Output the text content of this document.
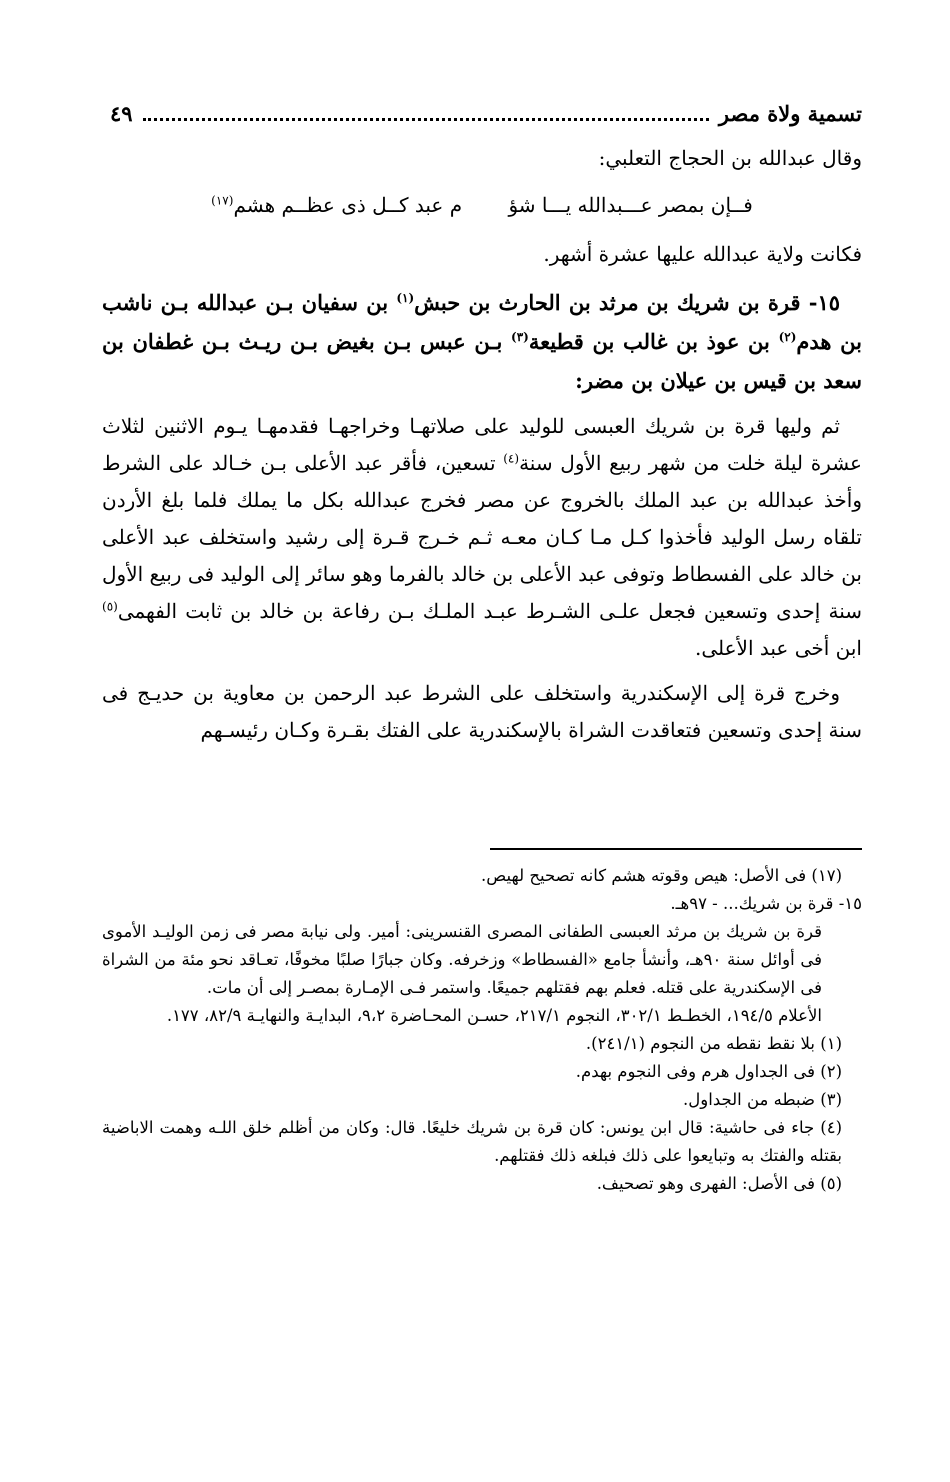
تسمية ولاة مصر
٤٩

وقال عبدالله بن الحجاج التعلبي:

فــإن بمصر عـــبدالله يـــا شؤ م عبد كــل ذى عظــم هشم$^{(١٧)}$

فكانت ولاية عبدالله عليها عشرة أشهر.

١٥- قرة بن شريك بن مرثد بن الحارث بن حبش$^{(١)}$ بن سفيان بـن عبدالله بـن ناشب بن هدم$^{(٢)}$ بن عوذ بن غالب بن قطيعة$^{(٣)}$ بـن عبس بـن بغيض بـن ريـث بـن غطفان بن سعد بن قيس بن عيلان بن مضر:

ثم وليها قرة بن شريك العبسى للوليد على صلاتهـا وخراجهـا فقدمهـا يـوم الاثنين لثلاث عشرة ليلة خلت من شهر ربيع الأول سنة$^{(٤)}$ تسعين، فأقر عبد الأعلى بـن خـالد على الشرط وأخذ عبدالله بن عبد الملك بالخروج عن مصر فخرج عبدالله بكل ما يملك فلما بلغ الأردن تلقاه رسل الوليد فأخذوا كـل مـا كـان معـه ثـم خـرج قـرة إلى رشيد واستخلف عبد الأعلى بن خالد على الفسطاط وتوفى عبد الأعلى بن خالد بالفرما وهو سائر إلى الوليد فى ربيع الأول سنة إحدى وتسعين فجعل علـى الشـرط عبـد الملـك بـن رفاعة بن خالد بن ثابت الفهمى$^{(٥)}$ ابن أخى عبد الأعلى.

وخرج قرة إلى الإسكندرية واستخلف على الشرط عبد الرحمن بن معاوية بن حديـج فى سنة إحدى وتسعين فتعاقدت الشراة بالإسكندرية على الفتك بقـرة وكـان رئيسـهم

(١٧) فى الأصل: هيص وقوته هشم كانه تصحيح لهيص.

١٥- قرة بن شريك... - ٩٧هـ.

قرة بن شريك بن مرثد العبسى الطفانى المصرى القنسرينى: أمير. ولى نيابة مصر فى زمن الوليـد الأموى فى أوائل سنة ٩٠هـ، وأنشأ جامع «الفسطاط» وزخرفه. وكان جبارًا صلبًا مخوفًا، تعـاقد نحو مئة من الشراة فى الإسكندرية على قتله. فعلم بهم فقتلهم جميعًا. واستمر فـى الإمـارة بمصـر إلى أن مات.

الأعلام ١٩٤/٥، الخطـط ٣٠٢/١، النجوم ٢١٧/١، حسـن المحـاضرة ٩،٢، البدايـة والنهايـة ٨٢/٩، ١٧٧.

(١) بلا نقط نقطه من النجوم (٢٤١/١).

(٢) فى الجداول هرم وفى النجوم بهدم.

(٣) ضبطه من الجداول.

(٤) جاء فى حاشية: قال ابن يونس: كان قرة بن شريك خليعًا. قال: وكان من أظلم خلق اللـه وهمت الاباضية بقتله والفتك به وتبايعوا على ذلك فبلغه ذلك فقتلهم.

(٥) فى الأصل: الفهرى وهو تصحيف.
